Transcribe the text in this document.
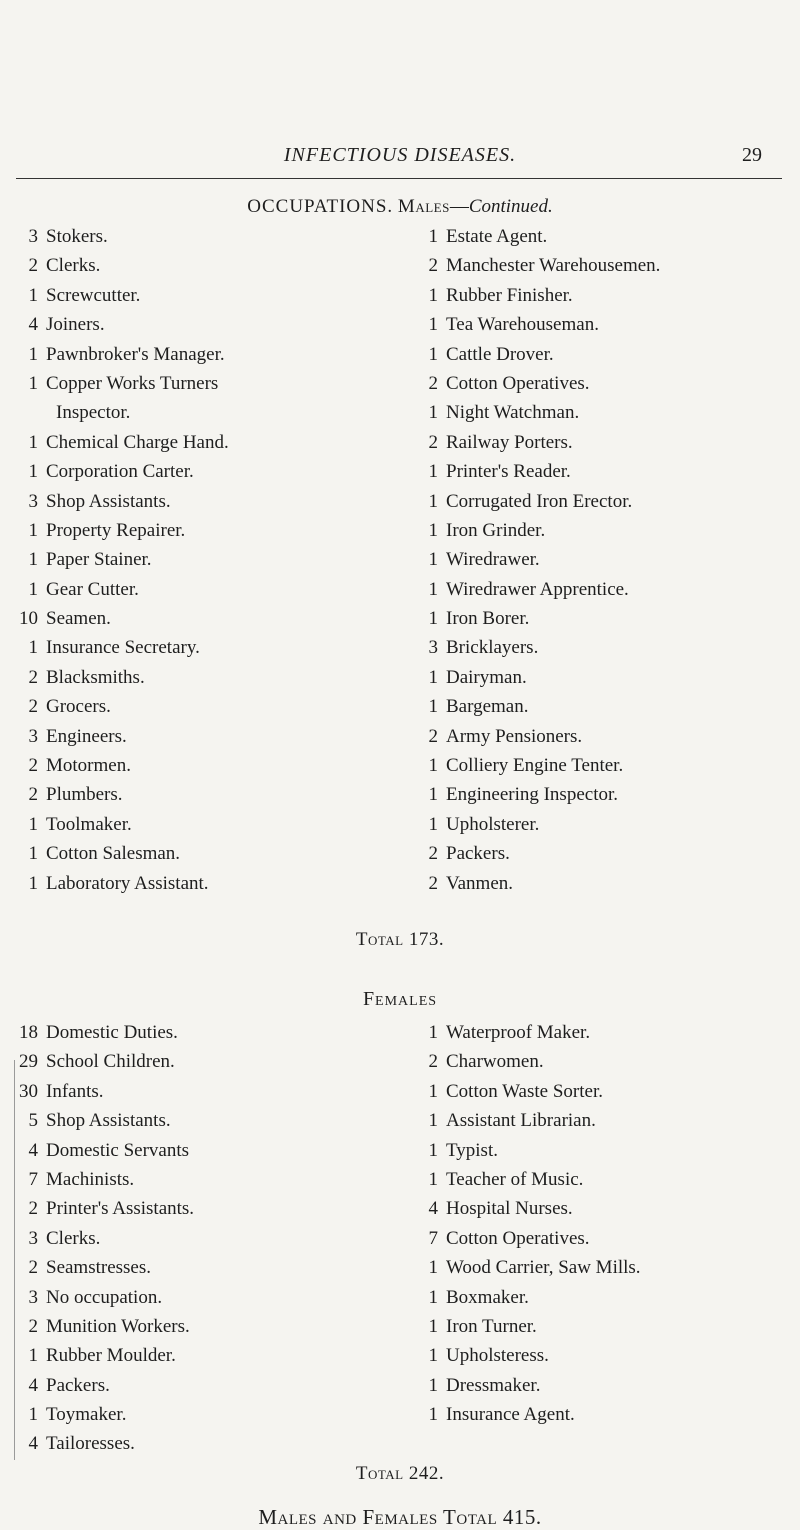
INFECTIOUS DISEASES.	29
OCCUPATIONS. Males—Continued.
3 Stokers.
2 Clerks.
1 Screwcutter.
4 Joiners.
1 Pawnbroker's Manager.
1 Copper Works Turners
Inspector.
1 Chemical Charge Hand.
1 Corporation Carter.
3 Shop Assistants.
1 Property Repairer.
1 Paper Stainer.
1 Gear Cutter.
10 Seamen.
1 Insurance Secretary.
2 Blacksmiths.
2 Grocers.
3 Engineers.
2 Motormen.
2 Plumbers.
1 Toolmaker.
1 Cotton Salesman.
1 Laboratory Assistant.
1 Estate Agent.
2 Manchester Warehousemen.
1 Rubber Finisher.
1 Tea Warehouseman.
1 Cattle Drover.
2 Cotton Operatives.
1 Night Watchman.
2 Railway Porters.
1 Printer's Reader.
1 Corrugated Iron Erector.
1 Iron Grinder.
1 Wiredrawer.
1 Wiredrawer Apprentice.
1 Iron Borer.
3 Bricklayers.
1 Dairyman.
1 Bargeman.
2 Army Pensioners.
1 Colliery Engine Tenter.
1 Engineering Inspector.
1 Upholsterer.
2 Packers.
2 Vanmen.
Total 173.
Females
18 Domestic Duties.
29 School Children.
30 Infants.
5 Shop Assistants.
4 Domestic Servants
7 Machinists.
2 Printer's Assistants.
3 Clerks.
2 Seamstresses.
3 No occupation.
2 Munition Workers.
1 Rubber Moulder.
4 Packers.
1 Toymaker.
4 Tailoresses.
1 Waterproof Maker.
2 Charwomen.
1 Cotton Waste Sorter.
1 Assistant Librarian.
1 Typist.
1 Teacher of Music.
4 Hospital Nurses.
7 Cotton Operatives.
1 Wood Carrier, Saw Mills.
1 Boxmaker.
1 Iron Turner.
1 Upholsteress.
1 Dressmaker.
1 Insurance Agent.
Total 242.
Males and Females Total 415.
